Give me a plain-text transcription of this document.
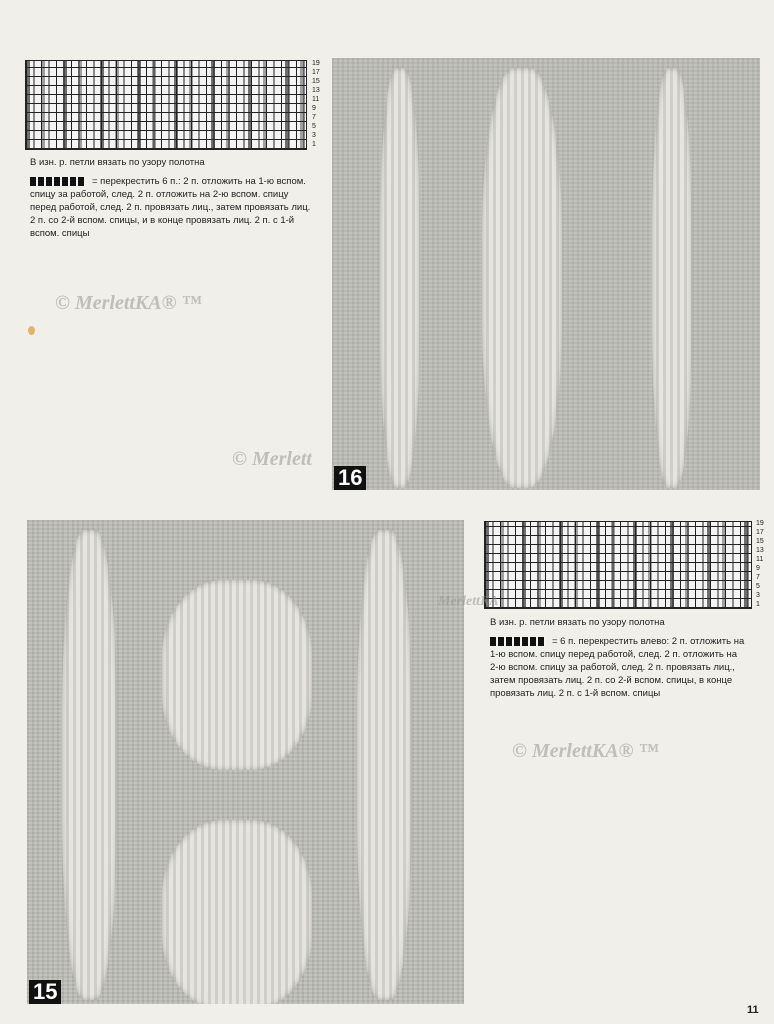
19
17
15
13
11
9
7
5
3
1
В изн. р. петли вязать по узору полотна
= перекрестить 6 п.: 2 п. отложить на 1-ю вспом. спицу за работой, след. 2 п. отложить на 2-ю вспом. спицу перед работой, след. 2 п. провязать лиц., затем провязать лиц. 2 п. со 2-й вспом. спицы, и в конце провязать лиц. 2 п. с 1-й вспом. спицы
© MerlettKA® ™
© Merlett
16
15
19
17
15
13
11
9
7
5
3
1
MerlettKA
В изн. р. петли вязать по узору полотна
= 6 п. перекрестить влево: 2 п. отложить на 1-ю вспом. спицу перед работой, след. 2 п. отложить на 2-ю вспом. спицу за работой, след. 2 п. провязать лиц., затем провязать лиц. 2 п. со 2-й вспом. спицы, в конце провязать лиц. 2 п. с 1-й вспом. спицы
© MerlettKA® ™
11
